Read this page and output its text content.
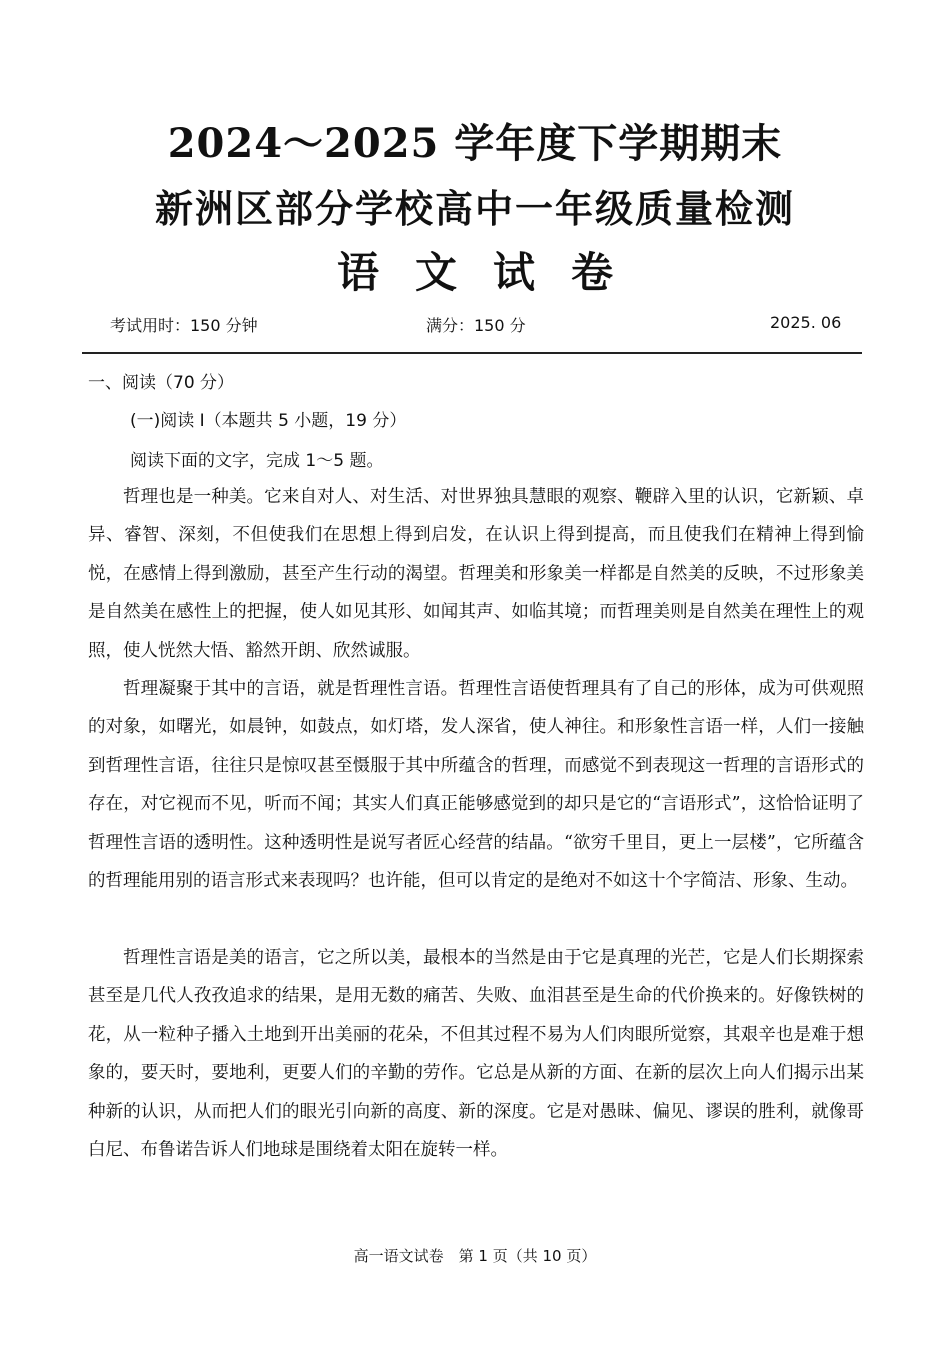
2024～2025 学年度下学期期末
新洲区部分学校高中一年级质量检测
语文试卷
考试用时：150 分钟	满分：150 分	2025. 06
一、阅读（70 分）
(一)阅读 I（本题共 5 小题，19 分）
阅读下面的文字，完成 1～5 题。

哲理也是一种美。它来自对人、对生活、对世界独具慧眼的观察、鞭辟入里的认识，它新颖、卓异、睿智、深刻，不但使我们在思想上得到启发，在认识上得到提高，而且使我们在精神上得到愉悦，在感情上得到激励，甚至产生行动的渴望。哲理美和形象美一样都是自然美的反映，不过形象美是自然美在感性上的把握，使人如见其形、如闻其声、如临其境；而哲理美则是自然美在理性上的观照，使人恍然大悟、豁然开朗、欣然诚服。

哲理凝聚于其中的言语，就是哲理性言语。哲理性言语使哲理具有了自己的形体，成为可供观照的对象，如曙光，如晨钟，如鼓点，如灯塔，发人深省，使人神往。和形象性言语一样，人们一接触到哲理性言语，往往只是惊叹甚至慑服于其中所蕴含的哲理，而感觉不到表现这一哲理的言语形式的存在，对它视而不见，听而不闻；其实人们真正能够感觉到的却只是它的“言语形式”，这恰恰证明了哲理性言语的透明性。这种透明性是说写者匠心经营的结晶。“欲穷千里目，更上一层楼”，它所蕴含的哲理能用别的语言形式来表现吗？也许能，但可以肯定的是绝对不如这十个字简洁、形象、生动。

哲理性言语是美的语言，它之所以美，最根本的当然是由于它是真理的光芒，它是人们长期探索甚至是几代人孜孜追求的结果，是用无数的痛苦、失败、血泪甚至是生命的代价换来的。好像铁树的花，从一粒种子播入土地到开出美丽的花朵，不但其过程不易为人们肉眼所觉察，其艰辛也是难于想象的，要天时，要地利，更要人们的辛勤的劳作。它总是从新的方面、在新的层次上向人们揭示出某种新的认识，从而把人们的眼光引向新的高度、新的深度。它是对愚昧、偏见、谬误的胜利，就像哥白尼、布鲁诺告诉人们地球是围绕着太阳在旋转一样。

高一语文试卷　第 1 页（共 10 页）
